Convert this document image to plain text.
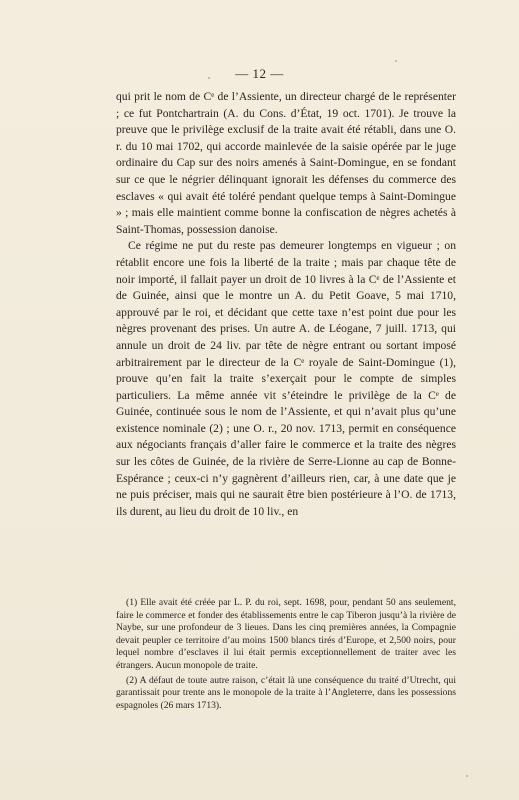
— 12 —

qui prit le nom de Cᵉ de l’Assiente, un directeur chargé de le représenter ; ce fut Pontchartrain (A. du Cons. d’État, 19 oct. 1701). Je trouve la preuve que le privilège exclusif de la traite avait été rétabli, dans une O. r. du 10 mai 1702, qui accorde mainlevée de la saisie opérée par le juge ordinaire du Cap sur des noirs amenés à Saint-Domingue, en se fondant sur ce que le négrier délinquant ignorait les défenses du commerce des esclaves « qui avait été toléré pendant quelque temps à Saint-Domingue » ; mais elle maintient comme bonne la confiscation de nègres achetés à Saint-Thomas, possession danoise.

Ce régime ne put du reste pas demeurer longtemps en vigueur ; on rétablit encore une fois la liberté de la traite ; mais par chaque tête de noir importé, il fallait payer un droit de 10 livres à la Cᵉ de l’Assiente et de Guinée, ainsi que le montre un A. du Petit Goave, 5 mai 1710, approuvé par le roi, et décidant que cette taxe n’est point due pour les nègres provenant des prises. Un autre A. de Léogane, 7 juill. 1713, qui annule un droit de 24 liv. par tête de nègre entrant ou sortant imposé arbitrairement par le directeur de la Cᵉ royale de Saint-Domingue (1), prouve qu’en fait la traite s’exerçait pour le compte de simples particuliers. La même année vit s’éteindre le privilège de la Cᵉ de Guinée, continuée sous le nom de l’Assiente, et qui n’avait plus qu’une existence nominale (2) ; une O. r., 20 nov. 1713, permit en conséquence aux négociants français d’aller faire le commerce et la traite des nègres sur les côtes de Guinée, de la rivière de Serre-Lionne au cap de Bonne-Espérance ; ceux-ci n’y gagnèrent d’ailleurs rien, car, à une date que je ne puis préciser, mais qui ne saurait être bien postérieure à l’O. de 1713, ils durent, au lieu du droit de 10 liv., en

(1) Elle avait été créée par L. P. du roi, sept. 1698, pour, pendant 50 ans seulement, faire le commerce et fonder des établissements entre le cap Tiberon jusqu’à la rivière de Naybe, sur une profondeur de 3 lieues. Dans les cinq premières années, la Compagnie devait peupler ce territoire d’au moins 1500 blancs tirés d’Europe, et 2,500 noirs, pour lequel nombre d’esclaves il lui était permis exceptionnellement de traiter avec les étrangers. Aucun monopole de traite.

(2) A défaut de toute autre raison, c’était là une conséquence du traité d’Utrecht, qui garantissait pour trente ans le monopole de la traite à l’Angleterre, dans les possessions espagnoles (26 mars 1713).
